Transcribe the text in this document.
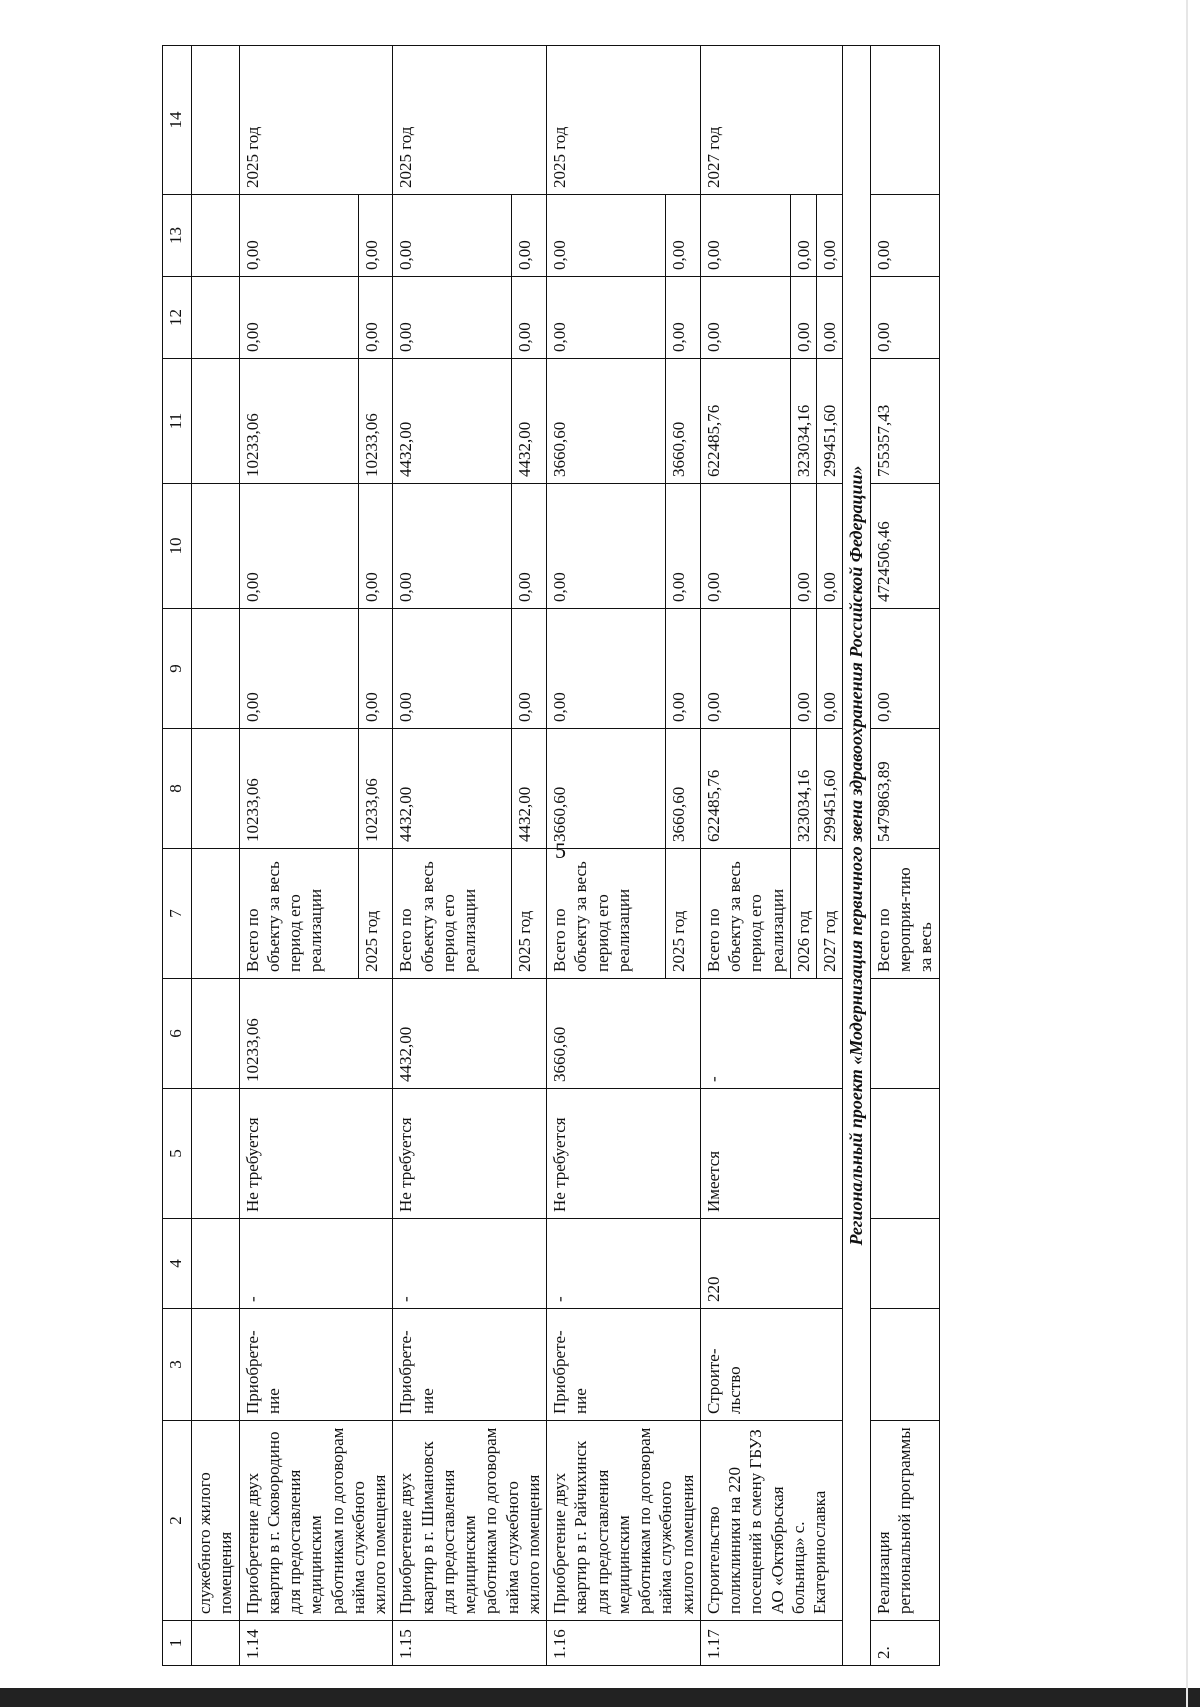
5
1	2	3	4	5	6	7	8	9	10	11	12	13	14
	служебного жилого помещения												
1.14	Приобретение двух квартир в г. Сковородино для предоставления медицинским работникам по договорам найма служебного жилого помещения	Приобрете-ние	-	Не требуется	10233,06	Всего по объекту за весь период его реализации	10233,06	0,00	0,00	10233,06	0,00	0,00	2025 год
						2025 год	10233,06	0,00	0,00	10233,06	0,00	0,00	
1.15	Приобретение двух квартир в г. Шимановск для предоставления медицинским работникам по договорам найма служебного жилого помещения	Приобрете-ние	-	Не требуется	4432,00	Всего по объекту за весь период его реализации	4432,00	0,00	0,00	4432,00	0,00	0,00	2025 год
						2025 год	4432,00	0,00	0,00	4432,00	0,00	0,00	
1.16	Приобретение двух квартир в г. Райчихинск для предоставления медицинским работникам по договорам найма служебного жилого помещения	Приобрете-ние	-	Не требуется	3660,60	Всего по объекту за весь период его реализации	3660,60	0,00	0,00	3660,60	0,00	0,00	2025 год
						2025 год	3660,60	0,00	0,00	3660,60	0,00	0,00	
1.17	Строительство поликлиники на 220 посещений в смену ГБУЗ АО «Октябрьская больница» с. Екатеринославка	Строите-льство	220	Имеется	-	Всего по объекту за весь период его реализации	622485,76	0,00	0,00	622485,76	0,00	0,00	2027 год
						2026 год	323034,16	0,00	0,00	323034,16	0,00	0,00	
						2027 год	299451,60	0,00	0,00	299451,60	0,00	0,00	
Региональный проект «Модернизация первичного звена здравоохранения Российской Федерации»													
2.	Реализация региональной программы					Всего по мероприя-тию за весь	5479863,89	0,00	4724506,46	755357,43	0,00	0,00	
